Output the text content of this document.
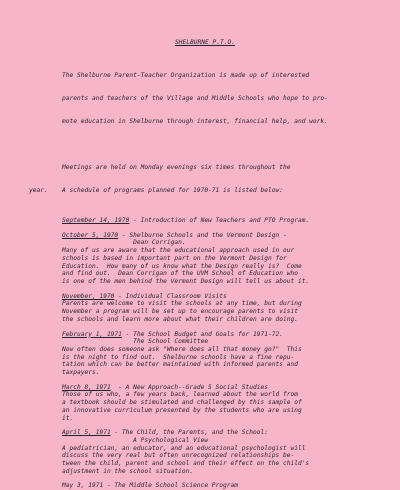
SHELBURNE P.T.O.

The Shelburne Parent-Teacher Organization is made up of interested

parents and teachers of the Village and Middle Schools who hope to pro-

mote education in Shelburne through interest, financial help, and work.

Meetings are held on Monday evenings six times throughout the

year. A schedule of programs planned for 1970-71 is listed below:

September 14, 1970 - Introduction of New Teachers and PTO Program.
October 5, 1970 - Shelburne Schools and the Vermont Design -
Dean Corrigan.
Many of us are aware that the educational approach used in our
schools is based in important part on the Vermont Design for
Education.  How many of us know what the Design really is?  Come
and find out.  Dean Corrigan of the UVM School of Education who
is one of the men behind the Vermont Design will tell us about it.
November, 1970 - Individual Classroom Visits
Parents are welcome to visit the schools at any time, but during
November a program will be set up to encourage parents to visit
the schools and learn more about what their children are doing.
February 1, 1971 - The School Budget and Goals for 1971-72.
The School Committee
Now often does someone ask "Where does all that money go?"  This
is the night to find out.  Shelburne schools have a fine repu-
tation which can be better maintained with informed parents and
taxpayers.
March 8, 1971  - A New Approach--Grade 5 Social Studies
Those of us who, a few years back, learned about the world from
a textbook should be stimulated and challenged by this sample of
an innovative curriculum presented by the students who are using
it.
April 5, 1971 - The Child, the Parents, and the School:
A Psychological View
A pediatrician, an educator, and an educational psychologist will
discuss the very real but often unrecognized relationships be-
tween the child, parent and school and their effect on the child's
adjustment in the school situation.
May 3, 1971 - The Middle School Science Program
